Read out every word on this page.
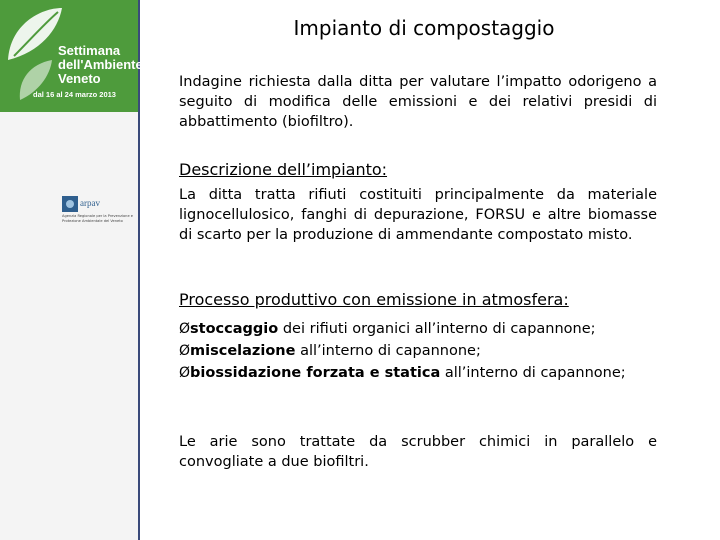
Settimana
dell'Ambiente
Veneto
dal 16 al 24 marzo 2013
arpav
Agenzia Regionale per la Prevenzione e Protezione Ambientale del Veneto
Impianto di compostaggio
Indagine richiesta dalla ditta per valutare l’impatto odorigeno a seguito di modifica delle emissioni e dei relativi presidi di abbattimento (biofiltro).
Descrizione dell’impianto:
La ditta tratta rifiuti costituiti principalmente da materiale lignocellulosico, fanghi di depurazione, FORSU e altre biomasse di scarto per la produzione di ammendante compostato misto.
Processo produttivo con emissione in atmosfera:
Østoccaggio dei rifiuti organici all’interno di capannone;
Ømiscelazione all’interno di capannone;
Øbiossidazione forzata e statica all’interno di capannone;
Le arie sono trattate da scrubber chimici in parallelo e convogliate a due biofiltri.
